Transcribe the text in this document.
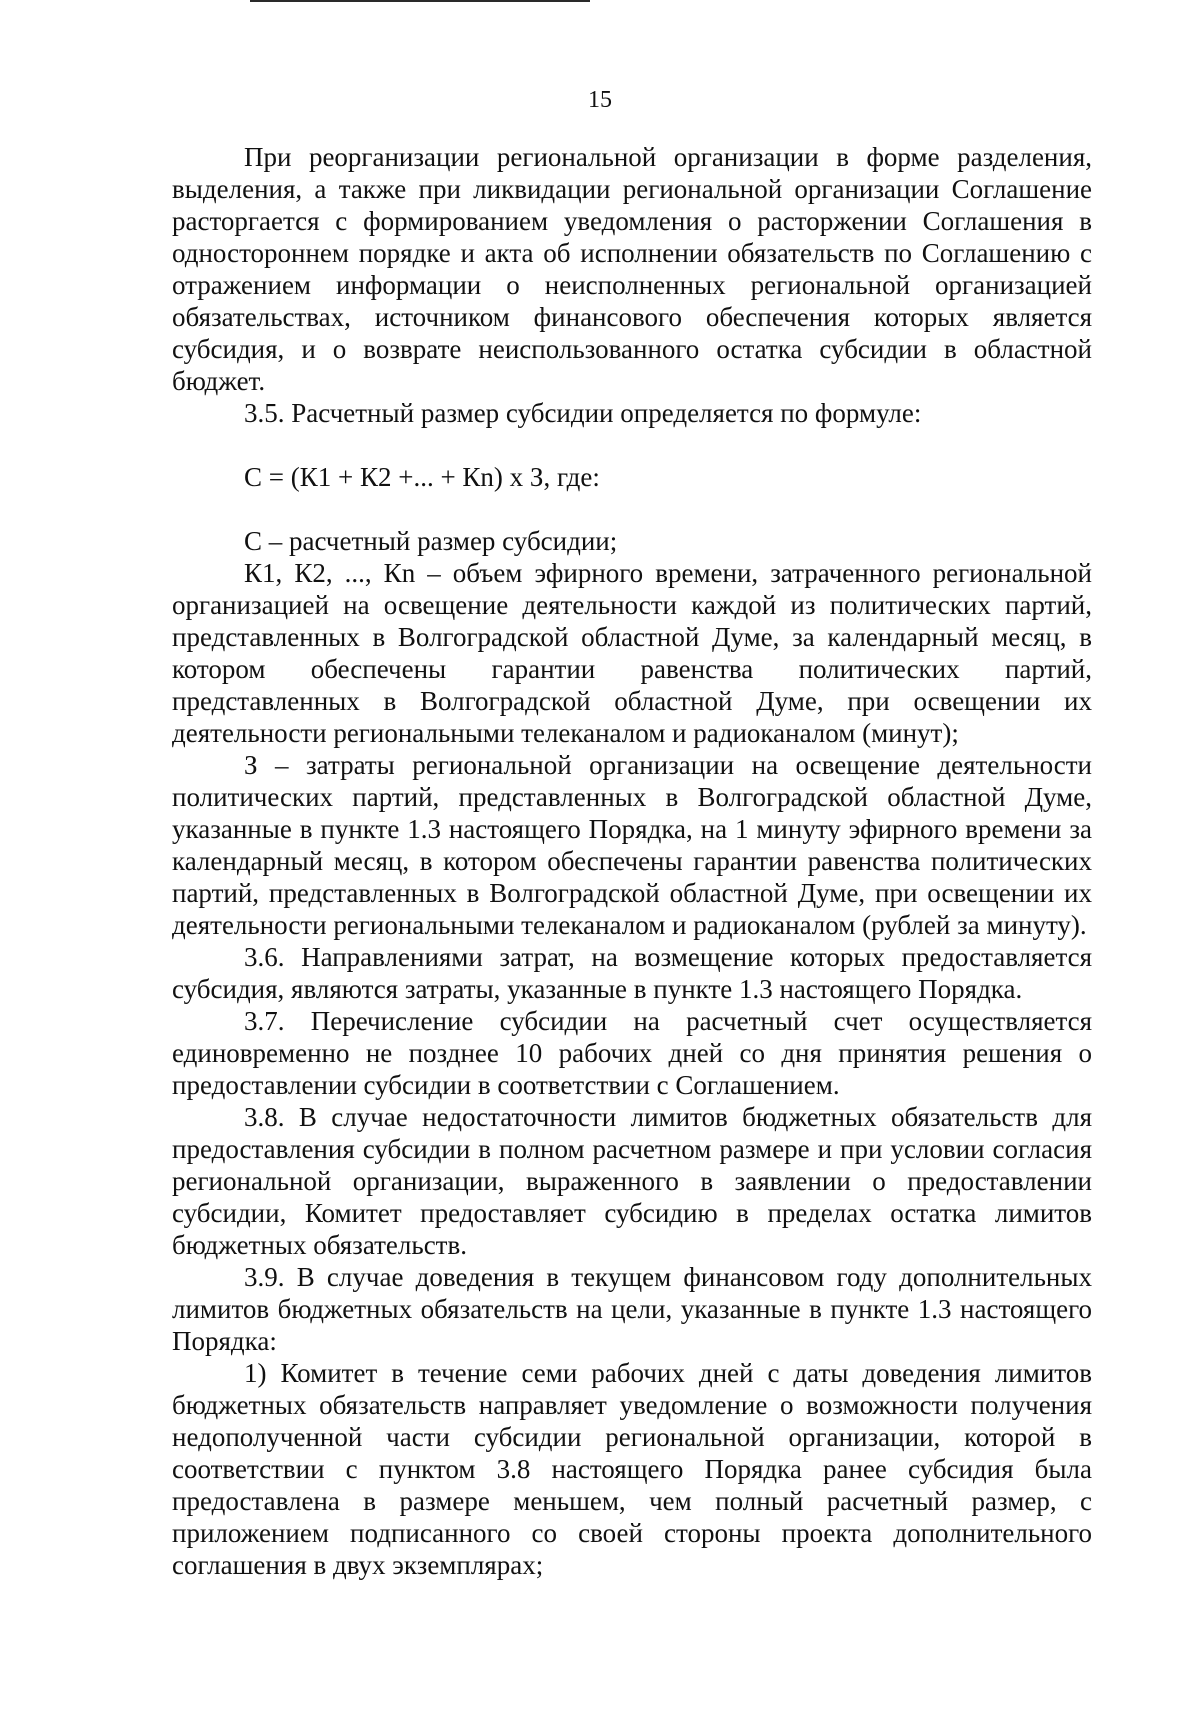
15

При реорганизации региональной организации в форме разделения, выделения, а также при ликвидации региональной организации Соглашение расторгается с формированием уведомления о расторжении Соглашения в одностороннем порядке и акта об исполнении обязательств по Соглашению с отражением информации о неисполненных региональной организацией обязательствах, источником финансового обеспечения которых является субсидия, и о возврате неиспользованного остатка субсидии в областной бюджет.

3.5. Расчетный размер субсидии определяется по формуле:

С = (К1 + К2 +... + Кn) x З, где:

С – расчетный размер субсидии;

К1, К2, ..., Кn – объем эфирного времени, затраченного региональной организацией на освещение деятельности каждой из политических партий, представленных в Волгоградской областной Думе, за календарный месяц, в котором обеспечены гарантии равенства политических партий, представленных в Волгоградской областной Думе, при освещении их деятельности региональными телеканалом и радиоканалом (минут);

З – затраты региональной организации на освещение деятельности политических партий, представленных в Волгоградской областной Думе, указанные в пункте 1.3 настоящего Порядка, на 1 минуту эфирного времени за календарный месяц, в котором обеспечены гарантии равенства политических партий, представленных в Волгоградской областной Думе, при освещении их деятельности региональными телеканалом и радиоканалом (рублей за минуту).

3.6. Направлениями затрат, на возмещение которых предоставляется субсидия, являются затраты, указанные в пункте 1.3 настоящего Порядка.

3.7. Перечисление субсидии на расчетный счет осуществляется единовременно не позднее 10 рабочих дней со дня принятия решения о предоставлении субсидии в соответствии с Соглашением.

3.8. В случае недостаточности лимитов бюджетных обязательств для предоставления субсидии в полном расчетном размере и при условии согласия региональной организации, выраженного в заявлении о предоставлении субсидии, Комитет предоставляет субсидию в пределах остатка лимитов бюджетных обязательств.

3.9. В случае доведения в текущем финансовом году дополнительных лимитов бюджетных обязательств на цели, указанные в пункте 1.3 настоящего Порядка:

1) Комитет в течение семи рабочих дней с даты доведения лимитов бюджетных обязательств направляет уведомление о возможности получения недополученной части субсидии региональной организации, которой в соответствии с пунктом 3.8 настоящего Порядка ранее субсидия была предоставлена в размере меньшем, чем полный расчетный размер, с приложением подписанного со своей стороны проекта дополнительного соглашения в двух экземплярах;
